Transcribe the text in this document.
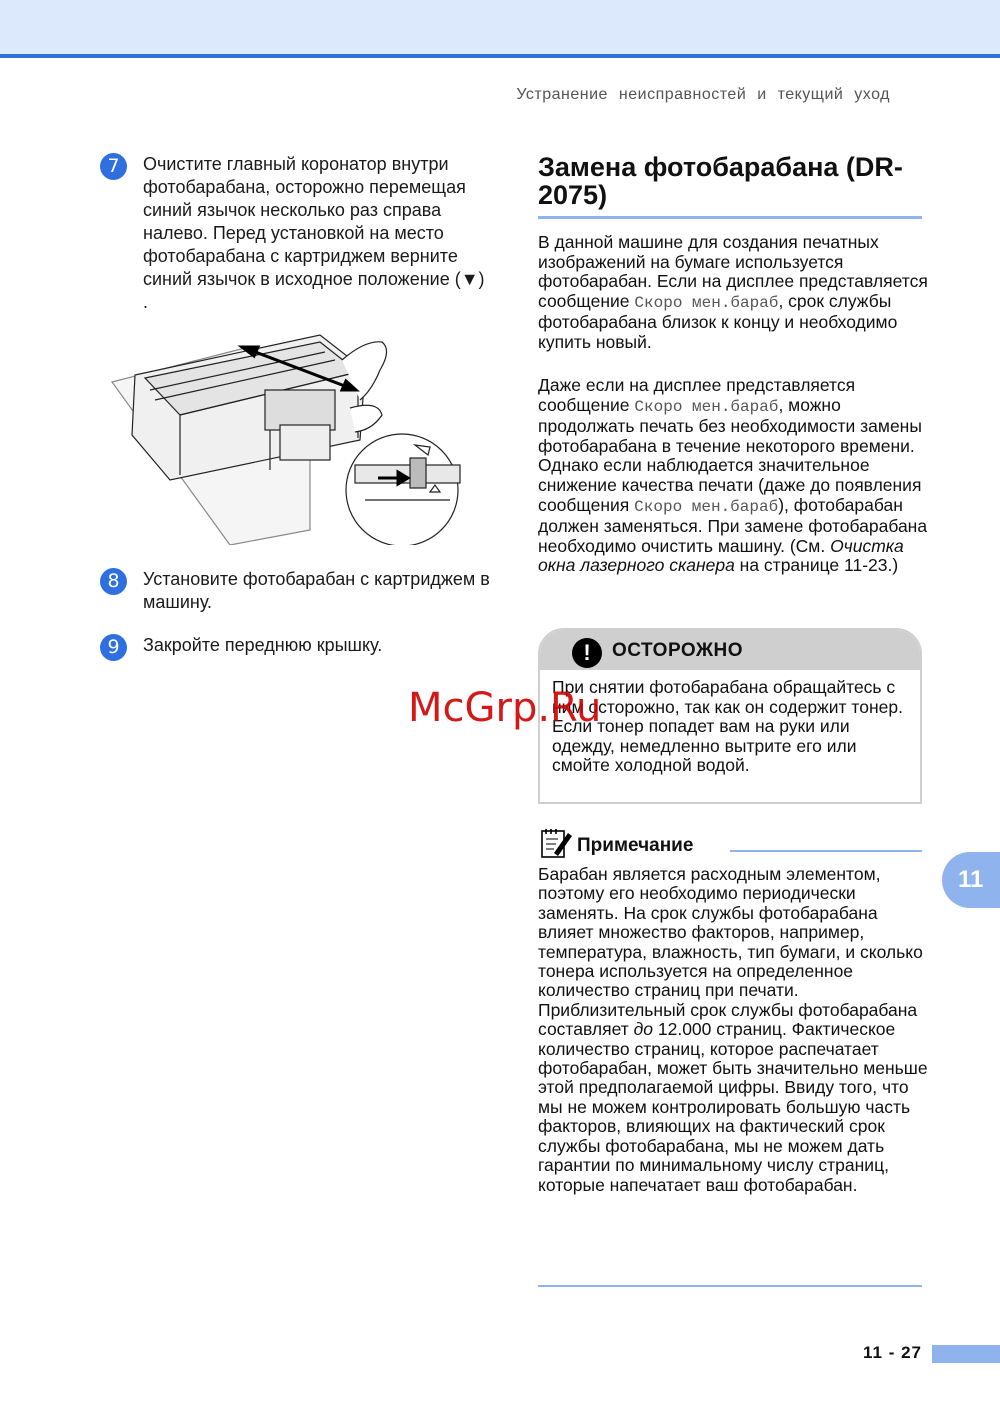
Устранение неисправностей и текущий уход
7	Очистите главный коронатор внутри фотобарабана, осторожно перемещая синий язычок несколько раз справа налево. Перед установкой на место фотобарабана с картриджем верните синий язычок в исходное положение (▼) .
8	Установите фотобарабан с картриджем в машину.
9	Закройте переднюю крышку.
Замена фотобарабана (DR-2075)
В данной машине для создания печатных изображений на бумаге используется фотобарабан. Если на дисплее представляется сообщение Скоро мен.бараб, срок службы фотобарабана близок к концу и необходимо купить новый.
Даже если на дисплее представляется сообщение Скоро мен.бараб, можно продолжать печать без необходимости замены фотобарабана в течение некоторого времени. Однако если наблюдается значительное снижение качества печати (даже до появления сообщения Скоро мен.бараб), фотобарабан должен заменяться. При замене фотобарабана необходимо очистить машину. (См. Очистка окна лазерного сканера на странице 11-23.)
!	ОСТОРОЖНО
При снятии фотобарабана обращайтесь с ним осторожно, так как он содержит тонер. Если тонер попадет вам на руки или одежду, немедленно вытрите его или смойте холодной водой.
Примечание
Барабан является расходным элементом, поэтому его необходимо периодически заменять. На срок службы фотобарабана влияет множество факторов, например, температура, влажность, тип бумаги, и сколько тонера используется на определенное количество страниц при печати. Приблизительный срок службы фотобарабана составляет до 12.000 страниц. Фактическое количество страниц, которое распечатает фотобарабан, может быть значительно меньше этой предполагаемой цифры. Ввиду того, что мы не можем контролировать большую часть факторов, влияющих на фактический срок службы фотобарабана, мы не можем дать гарантии по минимальному числу страниц, которые напечатает ваш фотобарабан.
11
11 - 27
McGrp.Ru
